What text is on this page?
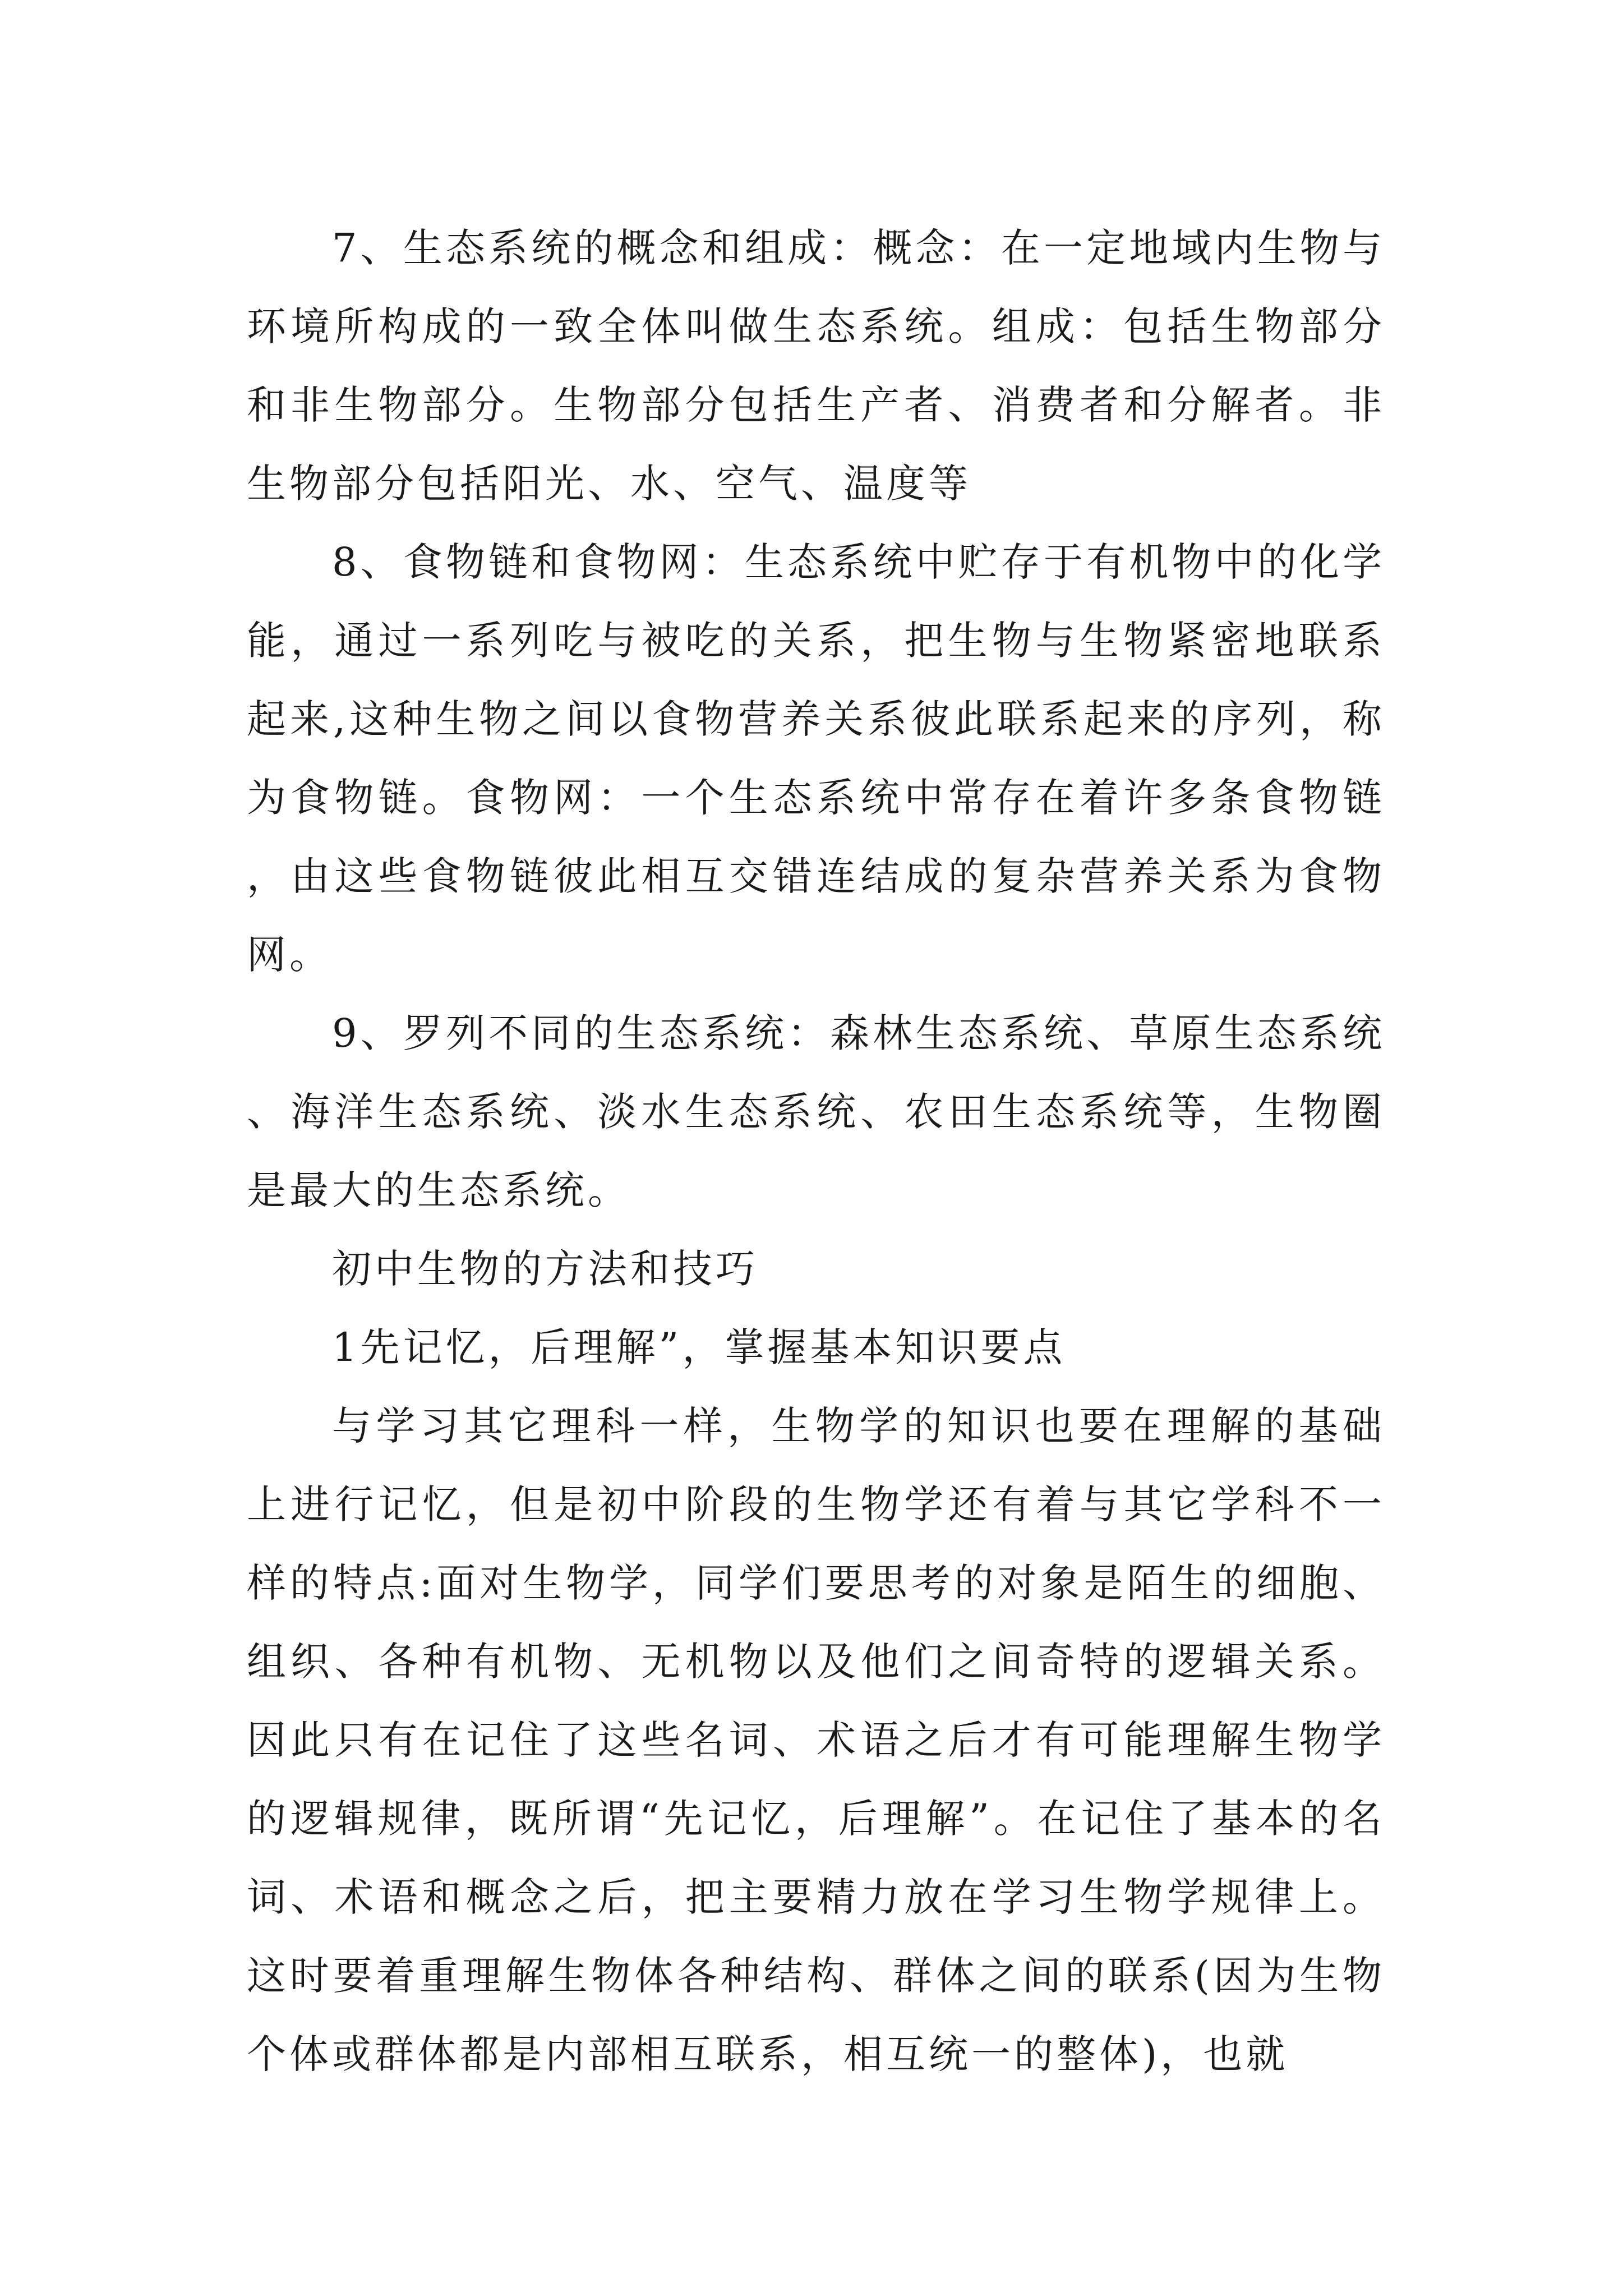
7、生态系统的概念和组成：概念：在一定地域内生物与环境所构成的一致全体叫做生态系统。组成：包括生物部分和非生物部分。生物部分包括生产者、消费者和分解者。非生物部分包括阳光、水、空气、温度等

8、食物链和食物网：生态系统中贮存于有机物中的化学能，通过一系列吃与被吃的关系，把生物与生物紧密地联系起来,这种生物之间以食物营养关系彼此联系起来的序列，称为食物链。食物网：一个生态系统中常存在着许多条食物链，由这些食物链彼此相互交错连结成的复杂营养关系为食物网。

9、罗列不同的生态系统：森林生态系统、草原生态系统、海洋生态系统、淡水生态系统、农田生态系统等，生物圈是最大的生态系统。

初中生物的方法和技巧

1先记忆，后理解”，掌握基本知识要点

与学习其它理科一样，生物学的知识也要在理解的基础上进行记忆，但是初中阶段的生物学还有着与其它学科不一样的特点:面对生物学，同学们要思考的对象是陌生的细胞、组织、各种有机物、无机物以及他们之间奇特的逻辑关系。因此只有在记住了这些名词、术语之后才有可能理解生物学的逻辑规律，既所谓“先记忆，后理解”。在记住了基本的名词、术语和概念之后，把主要精力放在学习生物学规律上。这时要着重理解生物体各种结构、群体之间的联系(因为生物个体或群体都是内部相互联系，相互统一的整体)，也就
